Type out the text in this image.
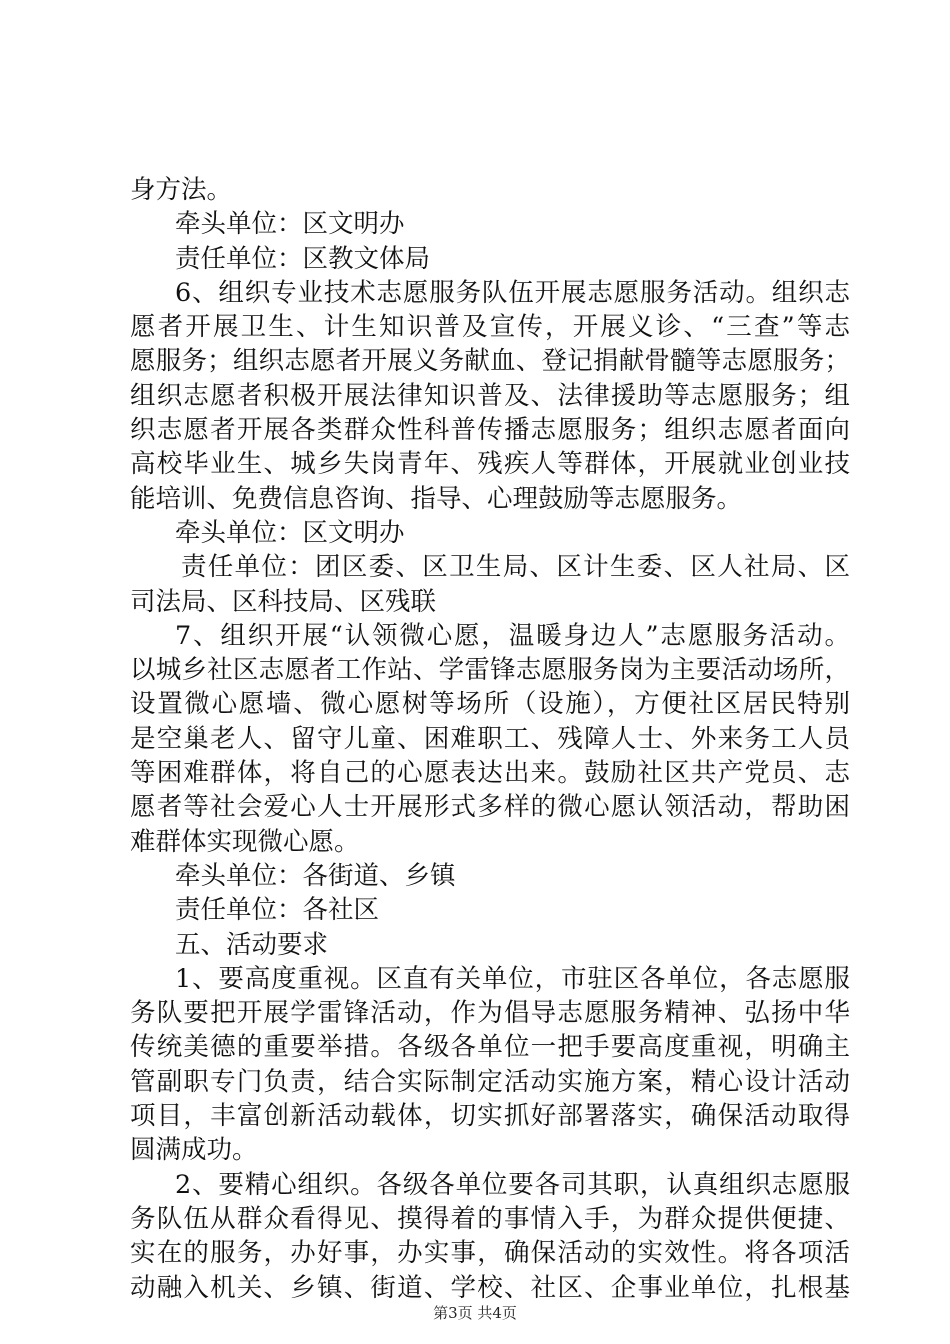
身方法。
牵头单位：区文明办
责任单位：区教文体局
6、组织专业技术志愿服务队伍开展志愿服务活动。组织志
愿者开展卫生、计生知识普及宣传，开展义诊、“三查”等志
愿服务；组织志愿者开展义务献血、登记捐献骨髓等志愿服务；
组织志愿者积极开展法律知识普及、法律援助等志愿服务；组
织志愿者开展各类群众性科普传播志愿服务；组织志愿者面向
高校毕业生、城乡失岗青年、残疾人等群体，开展就业创业技
能培训、免费信息咨询、指导、心理鼓励等志愿服务。
牵头单位：区文明办
责任单位：团区委、区卫生局、区计生委、区人社局、区
司法局、区科技局、区残联
7、组织开展“认领微心愿，温暖身边人”志愿服务活动。
以城乡社区志愿者工作站、学雷锋志愿服务岗为主要活动场所，
设置微心愿墙、微心愿树等场所（设施），方便社区居民特别
是空巢老人、留守儿童、困难职工、残障人士、外来务工人员
等困难群体，将自己的心愿表达出来。鼓励社区共产党员、志
愿者等社会爱心人士开展形式多样的微心愿认领活动，帮助困
难群体实现微心愿。
牵头单位：各街道、乡镇
责任单位：各社区
五、活动要求
1、要高度重视。区直有关单位，市驻区各单位，各志愿服
务队要把开展学雷锋活动，作为倡导志愿服务精神、弘扬中华
传统美德的重要举措。各级各单位一把手要高度重视，明确主
管副职专门负责，结合实际制定活动实施方案，精心设计活动
项目，丰富创新活动载体，切实抓好部署落实，确保活动取得
圆满成功。
2、要精心组织。各级各单位要各司其职，认真组织志愿服
务队伍从群众看得见、摸得着的事情入手，为群众提供便捷、
实在的服务，办好事，办实事，确保活动的实效性。将各项活
动融入机关、乡镇、街道、学校、社区、企事业单位，扎根基
第3页 共4页
